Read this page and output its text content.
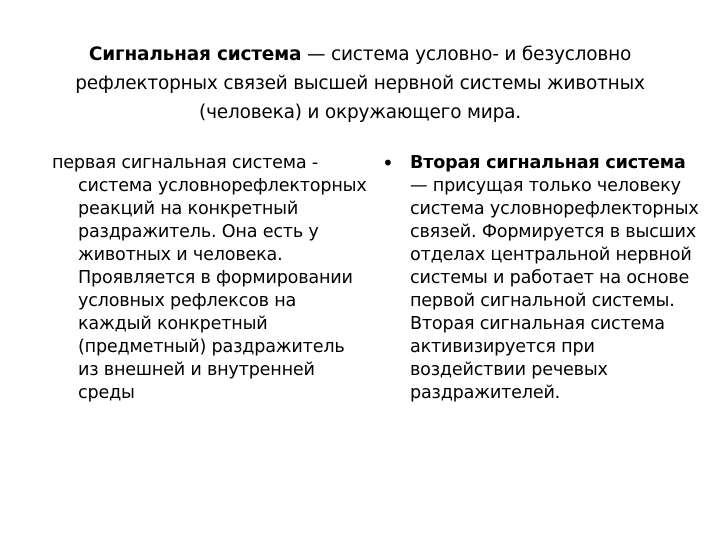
Сигнальная система — система условно- и безусловно рефлекторных связей высшей нервной системы животных (человека) и окружающего мира.
первая сигнальная система -
система условнорефлекторных реакций на конкретный раздражитель. Она есть у животных и человека. Проявляется в формировании условных рефлексов на каждый конкретный (предметный) раздражитель из внешней и внутренней среды
• Вторая сигнальная система — присущая только человеку система условнорефлекторных связей. Формируется в высших отделах центральной нервной системы и работает на основе первой сигнальной системы. Вторая сигнальная система активизируется при воздействии речевых раздражителей.
